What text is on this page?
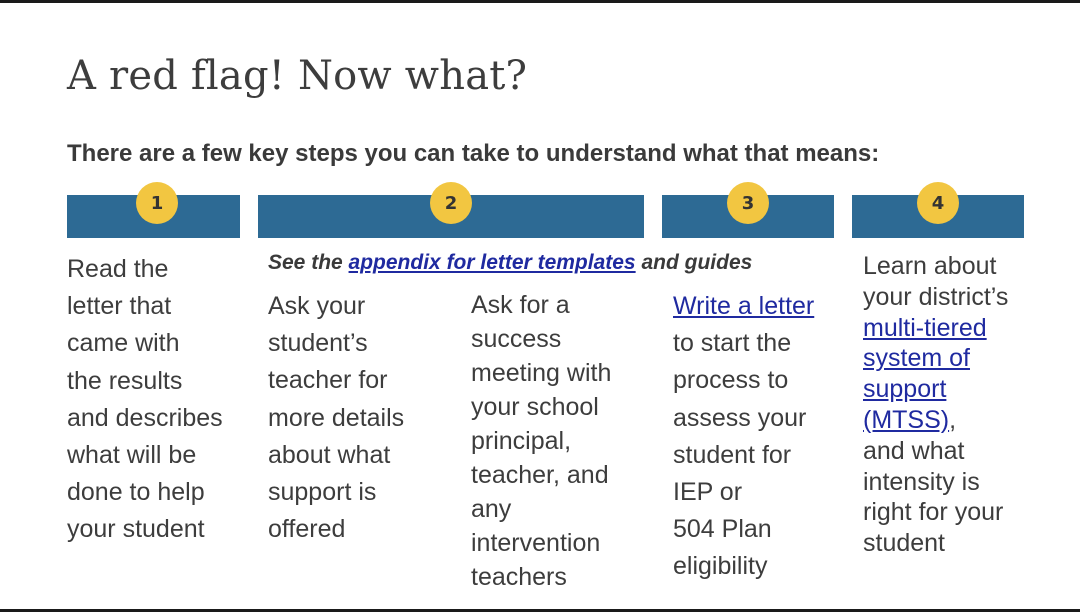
A red flag! Now what?
There are a few key steps you can take to understand what that means:
1	2	3	4
See the appendix for letter templates and guides
Read the
letter that
came with
the results
and describes
what will be
done to help
your student
Ask your
student’s
teacher for
more details
about what
support is
offered
Ask for a
success
meeting with
your school
principal,
teacher, and
any
intervention
teachers
Write a letter
to start the
process to
assess your
student for
IEP or
504 Plan
eligibility
Learn about
your district’s
multi-tiered
system of
support
(MTSS),
and what
intensity is
right for your
student
